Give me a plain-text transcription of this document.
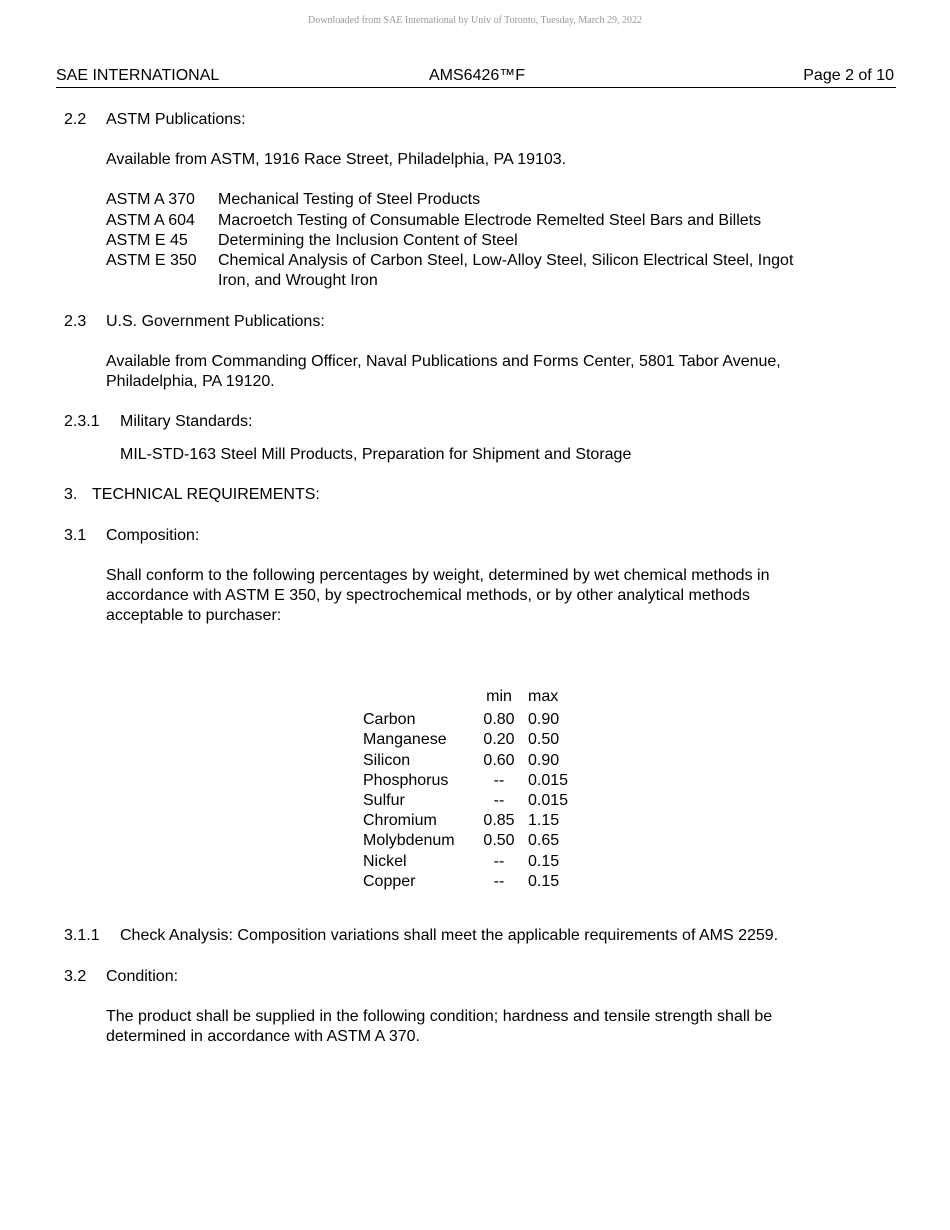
Downloaded from SAE International by Univ of Toronto, Tuesday, March 29, 2022
SAE INTERNATIONAL	AMS6426™F	Page 2 of 10
2.2 ASTM Publications:
Available from ASTM, 1916 Race Street, Philadelphia, PA 19103.
ASTM A 370 Mechanical Testing of Steel Products
ASTM A 604 Macroetch Testing of Consumable Electrode Remelted Steel Bars and Billets
ASTM E 45 Determining the Inclusion Content of Steel
ASTM E 350 Chemical Analysis of Carbon Steel, Low-Alloy Steel, Silicon Electrical Steel, Ingot
Iron, and Wrought Iron
2.3 U.S. Government Publications:
Available from Commanding Officer, Naval Publications and Forms Center, 5801 Tabor Avenue,
Philadelphia, PA 19120.
2.3.1 Military Standards:
MIL-STD-163 Steel Mill Products, Preparation for Shipment and Storage
3. TECHNICAL REQUIREMENTS:
3.1 Composition:
Shall conform to the following percentages by weight, determined by wet chemical methods in
accordance with ASTM E 350, by spectrochemical methods, or by other analytical methods
acceptable to purchaser:
	min	max

Carbon	0.80	0.90
Manganese	0.20	0.50
Silicon	0.60	0.90
Phosphorus	--	0.015
Sulfur	--	0.015
Chromium	0.85	1.15
Molybdenum	0.50	0.65
Nickel	--	0.15
Copper	--	0.15
3.1.1 Check Analysis: Composition variations shall meet the applicable requirements of AMS 2259.
3.2 Condition:
The product shall be supplied in the following condition; hardness and tensile strength shall be
determined in accordance with ASTM A 370.
